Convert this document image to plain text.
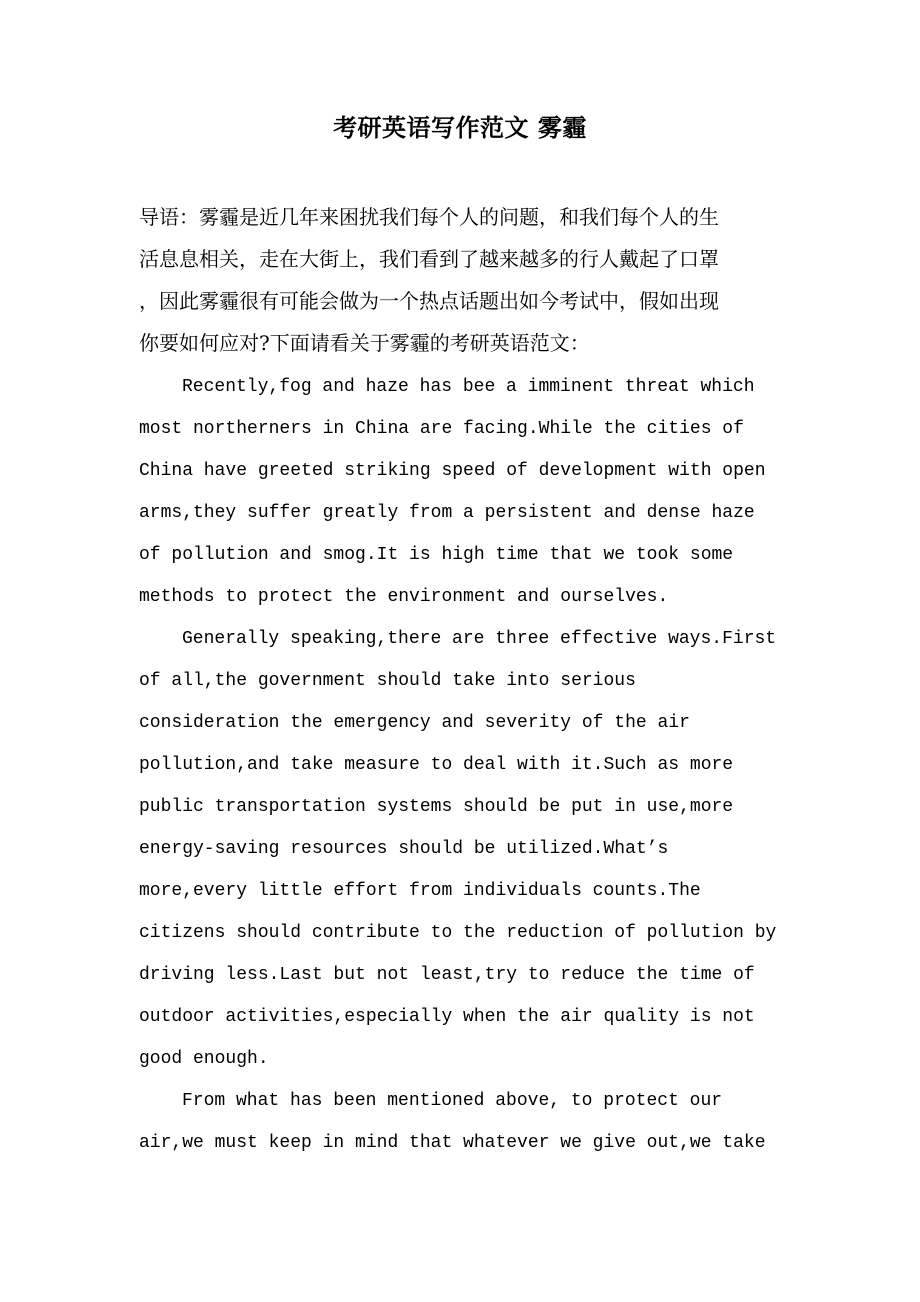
考研英语写作范文 雾霾
导语：雾霾是近几年来困扰我们每个人的问题，和我们每个人的生
活息息相关，走在大街上，我们看到了越来越多的行人戴起了口罩
，因此雾霾很有可能会做为一个热点话题出如今考试中，假如出现
你要如何应对?下面请看关于雾霾的考研英语范文：
Recently,fog and haze has bee a imminent threat which
most northerners in China are facing.While the cities of
China have greeted striking speed of development with open
arms,they suffer greatly from a persistent and dense haze
of pollution and smog.It is high time that we took some
methods to protect the environment and ourselves.
Generally speaking,there are three effective ways.First
of all,the government should take into serious
consideration the emergency and severity of the air
pollution,and take measure to deal with it.Such as more
public transportation systems should be put in use,more
energy-saving resources should be utilized.What’s
more,every little effort from individuals counts.The
citizens should contribute to the reduction of pollution by
driving less.Last but not least,try to reduce the time of
outdoor activities,especially when the air quality is not
good enough.
From what has been mentioned above, to protect our
air,we must keep in mind that whatever we give out,we take
